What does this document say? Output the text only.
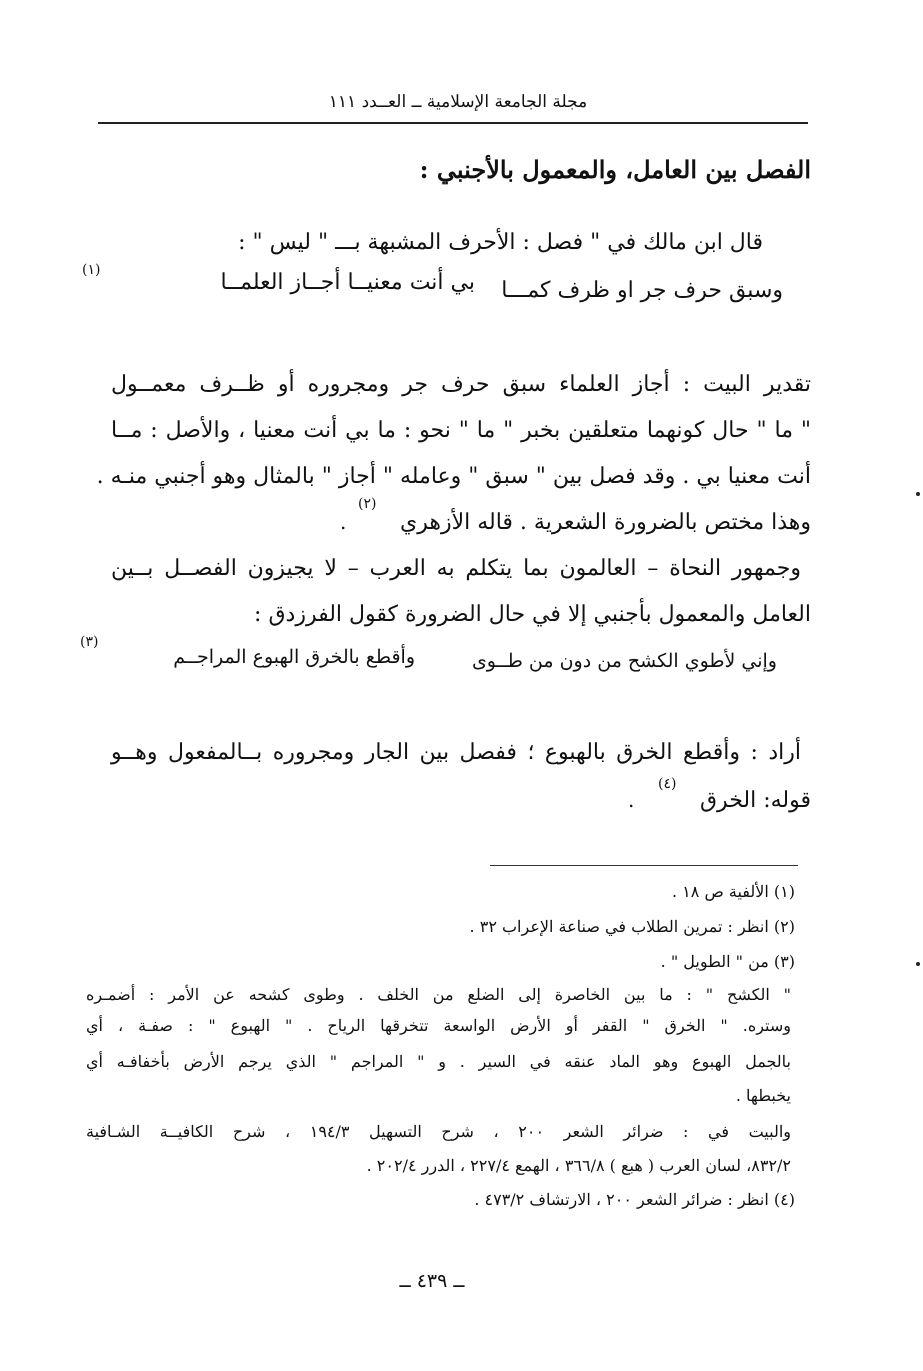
مجلة الجامعة الإسلامية ــ العــدد ١١١
الفصل بين العامل، والمعمول بالأجنبي :
قال ابن مالك في " فصل : الأحرف المشبهة بـــ " ليس " :
وسبق حرف جر او ظرف كمـــا
بي أنت معنيــا أجــاز العلمــا
(١)
تقدير البيت : أجاز العلماء سبق حرف جر ومجروره أو ظــرف معمــول
" ما " حال كونهما متعلقين بخبر " ما " نحو : ما بي أنت معنيا ، والأصل : مــا
أنت معنيا بي . وقد فصل بين " سبق " وعامله " أجاز " بالمثال وهو أجنبي منـه .
وهذا مختص بالضرورة الشعرية . قاله الأزهري
(٢)
.
وجمهور النحاة – العالمون بما يتكلم به العرب – لا يجيزون الفصــل بــين
العامل والمعمول بأجنبي إلا في حال الضرورة كقول الفرزدق :
وإني لأطوي الكشح من دون من طــوى
وأقطع بالخرق الهبوع المراجــم
(٣)
أراد : وأقطع الخرق بالهبوع ؛ ففصل بين الجار ومجروره بــالمفعول وهــو
قوله: الخرق
(٤)
.
(١) الألفية ص ١٨ .
(٢) انظر : تمرين الطلاب في صناعة الإعراب ٣٢ .
(٣) من " الطويل " .
" الكشح " : ما بين الخاصرة إلى الضلع من الخلف . وطوى كشحه عن الأمر : أضمـره
وستره. " الخرق " القفر أو الأرض الواسعة تتخرقها الرياح . " الهبوع " : صفـة ، أي
بالجمل الهبوع وهو الماد عنقه في السير . و " المراجم " الذي يرجم الأرض بأخفافـه أي
يخبطها .
والبيت في : ضرائر الشعر ٢٠٠ ، شرح التسهيل ١٩٤/٣ ، شرح الكافيــة الشـافية
٨٣٢/٢، لسان العرب ( هبع ) ٣٦٦/٨ ، الهمع ٢٢٧/٤ ، الدرر ٢٠٢/٤ .
(٤) انظر : ضرائر الشعر ٢٠٠ ، الارتشاف ٤٧٣/٢ .
ــ ٤٣٩ ــ
